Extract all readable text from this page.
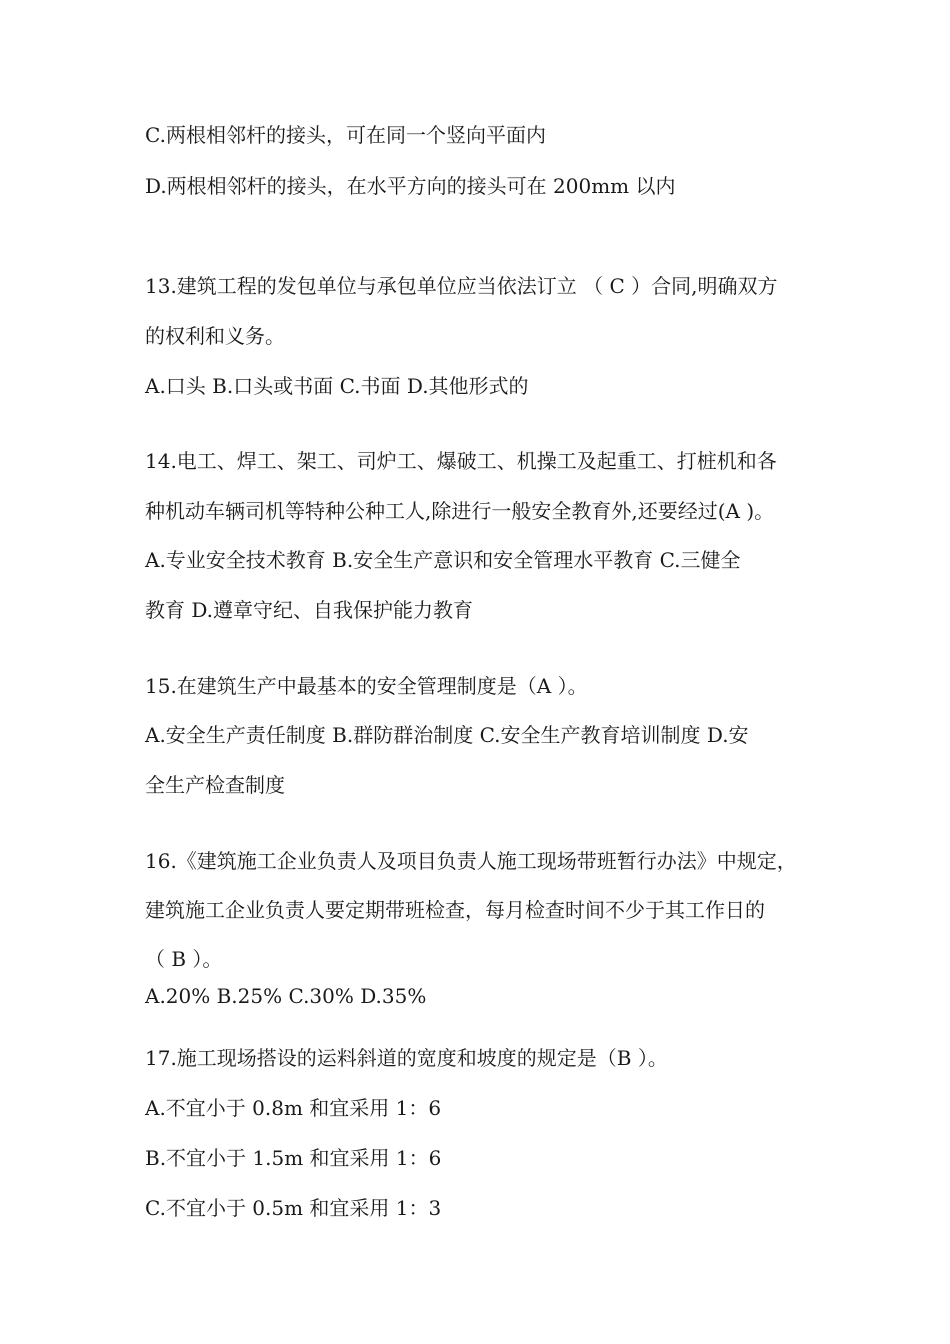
C.两根相邻杆的接头，可在同一个竖向平面内
D.两根相邻杆的接头，在水平方向的接头可在 200mm 以内
13.建筑工程的发包单位与承包单位应当依法订立 （ C ）合同,明确双方
的权利和义务。
A.口头 B.口头或书面 C.书面 D.其他形式的
14.电工、焊工、架工、司炉工、爆破工、机操工及起重工、打桩机和各
种机动车辆司机等特种公种工人,除进行一般安全教育外,还要经过(A )。
A.专业安全技术教育 B.安全生产意识和安全管理水平教育 C.三健全
教育 D.遵章守纪、自我保护能力教育
15.在建筑生产中最基本的安全管理制度是（A ）。
A.安全生产责任制度 B.群防群治制度 C.安全生产教育培训制度 D.安
全生产检查制度
16.《建筑施工企业负责人及项目负责人施工现场带班暂行办法》中规定，
建筑施工企业负责人要定期带班检查，每月检查时间不少于其工作日的
（ B ）。
A.20% B.25% C.30% D.35%
17.施工现场搭设的运料斜道的宽度和坡度的规定是（B ）。
A.不宜小于 0.8m 和宜采用 1：6
B.不宜小于 1.5m 和宜采用 1：6
C.不宜小于 0.5m 和宜采用 1：3
